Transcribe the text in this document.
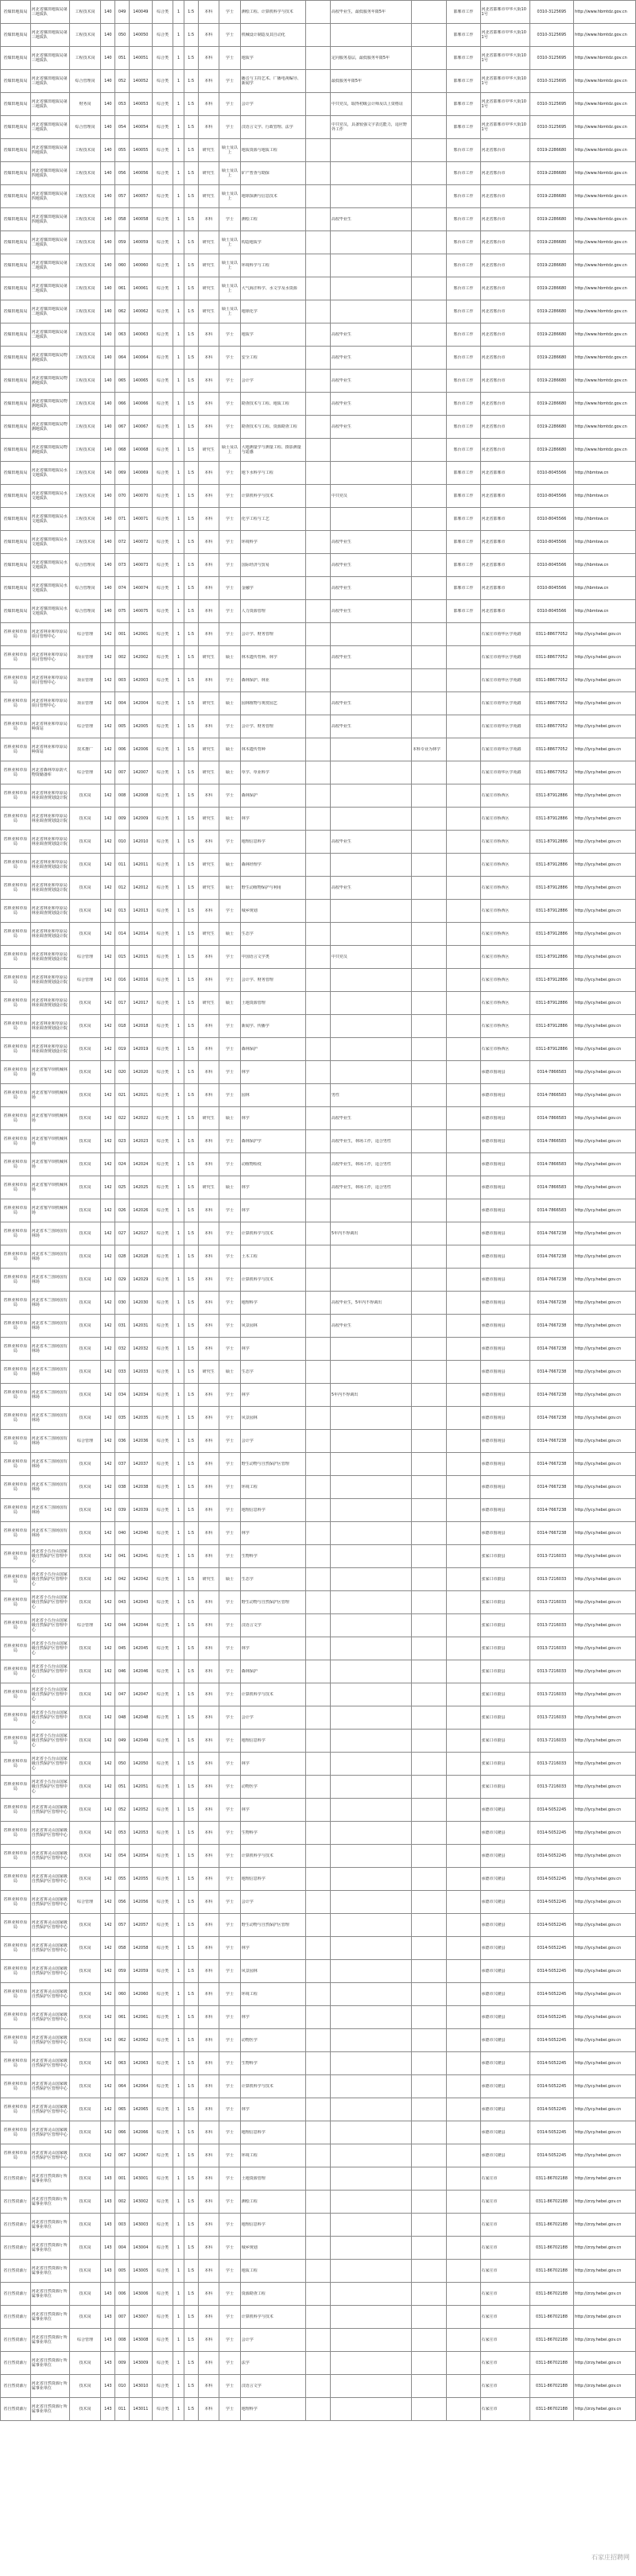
省煤田地质局	河北省煤田地质局第三地质队	工程技术岗	140	049	140049	综合类	1	1:5	本科	学士	测绘工程、计算机科学与技术		高校毕业生，最低服务年限5年		邯郸市工作	河北省邯郸市中华大街101号	0310-3125695	http://www.hbmtdz.gov.cn

省煤田地质局	河北省煤田地质局第三地质队	工程技术岗	140	050	140050	综合类	1	1:5	本科	学士	机械设计制造及其自动化				邯郸市工作	河北省邯郸市中华大街101号	0310-3125695	http://www.hbmtdz.gov.cn

省煤田地质局	河北省煤田地质局第三地质队	工程技术岗	140	051	140051	综合类	1	1:5	本科	学士	地质学		定向服务基层，最低服务年限5年		邯郸市工作	河北省邯郸市中华大街101号	0310-3125695	http://www.hbmtdz.gov.cn

省煤田地质局	河北省煤田地质局第三地质队	综合管理岗	140	052	140052	综合类	1	1:5	本科	学士	播音与主持艺术、广播电视编导、新闻学		最低服务年限5年		邯郸市工作	河北省邯郸市中华大街101号	0310-3125695	http://www.hbmtdz.gov.cn

省煤田地质局	河北省煤田地质局第三地质队	财务岗	140	053	140053	综合类	1	1:5	本科	学士	会计学		中共党员，取得初级会计师及以上资格证		邯郸市工作	河北省邯郸市中华大街101号	0310-3125695	http://www.hbmtdz.gov.cn

省煤田地质局	河北省煤田地质局第三地质队	综合管理岗	140	054	140054	综合类	1	1:5	本科	学士	汉语言文学、行政管理、法学		中共党员，具备较强文字表达能力，适应野外工作		邯郸市工作	河北省邯郸市中华大街101号	0310-3125695	http://www.hbmtdz.gov.cn

省煤田地质局	河北省煤田地质局第四地质队	工程技术岗	140	055	140055	综合类	1	1:5	研究生	硕士及以上	地质资源与地质工程				邢台市工作	河北省邢台市	0319-2286680	http://www.hbmtdz.gov.cn

省煤田地质局	河北省煤田地质局第四地质队	工程技术岗	140	056	140056	综合类	1	1:5	研究生	硕士及以上	矿产普查与勘探				邢台市工作	河北省邢台市	0319-2286680	http://www.hbmtdz.gov.cn

省煤田地质局	河北省煤田地质局第四地质队	工程技术岗	140	057	140057	综合类	1	1:5	研究生	硕士及以上	地球探测与信息技术				邢台市工作	河北省邢台市	0319-2286680	http://www.hbmtdz.gov.cn

省煤田地质局	河北省煤田地质局第四地质队	工程技术岗	140	058	140058	综合类	1	1:5	本科	学士	测绘工程		高校毕业生		邢台市工作	河北省邢台市	0319-2286680	http://www.hbmtdz.gov.cn

省煤田地质局	河北省煤田地质局第二地质队	工程技术岗	140	059	140059	综合类	1	1:5	研究生	硕士及以上	构造地质学				邢台市工作	河北省邢台市	0319-2286680	http://www.hbmtdz.gov.cn

省煤田地质局	河北省煤田地质局第二地质队	工程技术岗	140	060	140060	综合类	1	1:5	研究生	硕士及以上	环境科学与工程				邢台市工作	河北省邢台市	0319-2286680	http://www.hbmtdz.gov.cn

省煤田地质局	河北省煤田地质局第二地质队	工程技术岗	140	061	140061	综合类	1	1:5	研究生	硕士及以上	大气海洋科学、水文学及水资源				邢台市工作	河北省邢台市	0319-2286680	http://www.hbmtdz.gov.cn

省煤田地质局	河北省煤田地质局第二地质队	工程技术岗	140	062	140062	综合类	1	1:5	研究生	硕士及以上	地球化学				邢台市工作	河北省邢台市	0319-2286680	http://www.hbmtdz.gov.cn

省煤田地质局	河北省煤田地质局第二地质队	工程技术岗	140	063	140063	综合类	1	1:5	本科	学士	地质学		高校毕业生		邢台市工作	河北省邢台市	0319-2286680	http://www.hbmtdz.gov.cn

省煤田地质局	河北省煤田地质局物测地质队	工程技术岗	140	064	140064	综合类	1	1:5	本科	学士	安全工程		高校毕业生		邢台市工作	河北省邢台市	0319-2286680	http://www.hbmtdz.gov.cn

省煤田地质局	河北省煤田地质局物测地质队	工程技术岗	140	065	140065	综合类	1	1:5	本科	学士	会计学		高校毕业生		邢台市工作	河北省邢台市	0319-2286680	http://www.hbmtdz.gov.cn

省煤田地质局	河北省煤田地质局物测地质队	工程技术岗	140	066	140066	综合类	1	1:5	本科	学士	勘查技术与工程、地质工程		高校毕业生		邢台市工作	河北省邢台市	0319-2286680	http://www.hbmtdz.gov.cn

省煤田地质局	河北省煤田地质局物测地质队	工程技术岗	140	067	140067	综合类	1	1:5	本科	学士	勘查技术与工程、资源勘查工程		高校毕业生		邢台市工作	河北省邢台市	0319-2286680	http://www.hbmtdz.gov.cn

省煤田地质局	河北省煤田地质局物测地质队	工程技术岗	140	068	140068	综合类	1	1:5	研究生	硕士及以上	大地测量学与测量工程、摄影测量与遥感				邢台市工作	河北省邢台市	0319-2286680	http://www.hbmtdz.gov.cn

省煤田地质局	河北省煤田地质局水文地质队	工程技术岗	140	069	140069	综合类	1	1:5	本科	学士	地下水科学与工程				邯郸市工作	河北省邯郸市	0310-8045566	http://hbmtsw.cn

省煤田地质局	河北省煤田地质局水文地质队	工程技术岗	140	070	140070	综合类	1	1:5	本科	学士	计算机科学与技术		中共党员		邯郸市工作	河北省邯郸市	0310-8045566	http://hbmtsw.cn

省煤田地质局	河北省煤田地质局水文地质队	工程技术岗	140	071	140071	综合类	1	1:5	本科	学士	化学工程与工艺				邯郸市工作	河北省邯郸市	0310-8045566	http://hbmtsw.cn

省煤田地质局	河北省煤田地质局水文地质队	工程技术岗	140	072	140072	综合类	1	1:5	本科	学士	环境科学		高校毕业生		邯郸市工作	河北省邯郸市	0310-8045566	http://hbmtsw.cn

省煤田地质局	河北省煤田地质局水文地质队	综合管理岗	140	073	140073	综合类	1	1:5	本科	学士	国际经济与贸易		高校毕业生		邯郸市工作	河北省邯郸市	0310-8045566	http://hbmtsw.cn

省煤田地质局	河北省煤田地质局水文地质队	综合管理岗	140	074	140074	综合类	1	1:5	本科	学士	金融学		高校毕业生		邯郸市工作	河北省邯郸市	0310-8045566	http://hbmtsw.cn

省煤田地质局	河北省煤田地质局水文地质队	综合管理岗	140	075	140075	综合类	1	1:5	本科	学士	人力资源管理		高校毕业生		邯郸市工作	河北省邯郸市	0310-8045566	http://hbmtsw.cn

省林业和草原局	河北省林业和草原局项目管理中心	综合管理	142	001	142001	综合类	1	1:5	本科	学士	会计学、财务管理					石家庄市裕华区学苑路	0311-88677052	http://lycy.hebei.gov.cn

省林业和草原局	河北省林业和草原局项目管理中心	项目管理	142	002	142002	综合类	1	1:5	研究生	硕士	林木遗传育种、林学		高校毕业生			石家庄市裕华区学苑路	0311-88677052	http://lycy.hebei.gov.cn

省林业和草原局	河北省林业和草原局项目管理中心	项目管理	142	003	142003	综合类	1	1:5	本科	学士	森林保护、林业					石家庄市裕华区学苑路	0311-88677052	http://lycy.hebei.gov.cn

省林业和草原局	河北省林业和草原局项目管理中心	项目管理	142	004	142004	综合类	1	1:5	研究生	硕士	园林植物与观赏园艺		高校毕业生			石家庄市裕华区学苑路	0311-88677052	http://lycy.hebei.gov.cn

省林业和草原局	河北省林业和草原局种苗站	综合管理	142	005	142005	综合类	1	1:5	本科	学士	会计学、财务管理		高校毕业生			石家庄市裕华区学苑路	0311-88677052	http://lycy.hebei.gov.cn

省林业和草原局	河北省林业和草原局种苗站	技术推广	142	006	142006	综合类	1	1:5	研究生	硕士	林木遗传育种			本科专业为林学		石家庄市裕华区学苑路	0311-88677052	http://lycy.hebei.gov.cn

省林业和草原局	河北省森林草原防火物资储备库	综合管理	142	007	142007	综合类	1	1:5	研究生	硕士	草学、草业科学					石家庄市裕华区学苑路	0311-88677052	http://lycy.hebei.gov.cn

省林业和草原局	河北省林业和草原局林业调查规划设计院	技术岗	142	008	142008	综合类	1	1:5	本科	学士	森林保护					石家庄市桥西区	0311-87912886	http://lycy.hebei.gov.cn

省林业和草原局	河北省林业和草原局林业调查规划设计院	技术岗	142	009	142009	综合类	1	1:5	研究生	硕士	林学					石家庄市桥西区	0311-87912886	http://lycy.hebei.gov.cn

省林业和草原局	河北省林业和草原局林业调查规划设计院	技术岗	142	010	142010	综合类	1	1:5	本科	学士	地理信息科学		高校毕业生			石家庄市桥西区	0311-87912886	http://lycy.hebei.gov.cn

省林业和草原局	河北省林业和草原局林业调查规划设计院	技术岗	142	011	142011	综合类	1	1:5	研究生	硕士	森林经理学					石家庄市桥西区	0311-87912886	http://lycy.hebei.gov.cn

省林业和草原局	河北省林业和草原局林业调查规划设计院	技术岗	142	012	142012	综合类	1	1:5	研究生	硕士	野生动植物保护与利用		高校毕业生			石家庄市桥西区	0311-87912886	http://lycy.hebei.gov.cn

省林业和草原局	河北省林业和草原局林业调查规划设计院	技术岗	142	013	142013	综合类	1	1:5	本科	学士	城乡规划					石家庄市桥西区	0311-87912886	http://lycy.hebei.gov.cn

省林业和草原局	河北省林业和草原局林业调查规划设计院	技术岗	142	014	142014	综合类	1	1:5	研究生	硕士	生态学					石家庄市桥西区	0311-87912886	http://lycy.hebei.gov.cn

省林业和草原局	河北省林业和草原局林业调查规划设计院	综合管理	142	015	142015	综合类	1	1:5	本科	学士	中国语言文学类		中共党员			石家庄市桥西区	0311-87912886	http://lycy.hebei.gov.cn

省林业和草原局	河北省林业和草原局林业调查规划设计院	综合管理	142	016	142016	综合类	1	1:5	本科	学士	会计学、财务管理					石家庄市桥西区	0311-87912886	http://lycy.hebei.gov.cn

省林业和草原局	河北省林业和草原局林业调查规划设计院	技术岗	142	017	142017	综合类	1	1:5	研究生	硕士	土地资源管理					石家庄市桥西区	0311-87912886	http://lycy.hebei.gov.cn

省林业和草原局	河北省林业和草原局林业调查规划设计院	技术岗	142	018	142018	综合类	1	1:5	本科	学士	新闻学、传播学					石家庄市桥西区	0311-87912886	http://lycy.hebei.gov.cn

省林业和草原局	河北省林业和草原局林业调查规划设计院	技术岗	142	019	142019	综合类	1	1:5	本科	学士	森林保护					石家庄市桥西区	0311-87912886	http://lycy.hebei.gov.cn

省林业和草原局	河北省塞罕坝机械林场	技术岗	142	020	142020	综合类	1	1:5	本科	学士	林学					承德市围场县	0314-7866583	http://lycy.hebei.gov.cn

省林业和草原局	河北省塞罕坝机械林场	技术岗	142	021	142021	综合类	1	1:5	本科	学士	园林		男性			承德市围场县	0314-7866583	http://lycy.hebei.gov.cn

省林业和草原局	河北省塞罕坝机械林场	技术岗	142	022	142022	综合类	1	1:5	研究生	硕士	林学		高校毕业生			承德市围场县	0314-7866583	http://lycy.hebei.gov.cn

省林业和草原局	河北省塞罕坝机械林场	技术岗	142	023	142023	综合类	1	1:5	本科	学士	森林保护学		高校毕业生，林场工作，适合男性			承德市围场县	0314-7866583	http://lycy.hebei.gov.cn

省林业和草原局	河北省塞罕坝机械林场	技术岗	142	024	142024	综合类	1	1:5	本科	学士	动植物检疫		高校毕业生，林场工作，适合男性			承德市围场县	0314-7866583	http://lycy.hebei.gov.cn

省林业和草原局	河北省塞罕坝机械林场	技术岗	142	025	142025	综合类	1	1:5	研究生	硕士	林学		高校毕业生，林场工作，适合男性			承德市围场县	0314-7866583	http://lycy.hebei.gov.cn

省林业和草原局	河北省塞罕坝机械林场	技术岗	142	026	142026	综合类	1	1:5	本科	学士	林学					承德市围场县	0314-7866583	http://lycy.hebei.gov.cn

省林业和草原局	河北省木兰围场国有林场	技术岗	142	027	142027	综合类	1	1:5	本科	学士	计算机科学与技术		5年内不得调出			承德市围场县	0314-7667238	http://lycy.hebei.gov.cn

省林业和草原局	河北省木兰围场国有林场	技术岗	142	028	142028	综合类	1	1:5	本科	学士	土木工程					承德市围场县	0314-7667238	http://lycy.hebei.gov.cn

省林业和草原局	河北省木兰围场国有林场	技术岗	142	029	142029	综合类	1	1:5	本科	学士	计算机科学与技术					承德市围场县	0314-7667238	http://lycy.hebei.gov.cn

省林业和草原局	河北省木兰围场国有林场	技术岗	142	030	142030	综合类	1	1:5	本科	学士	地理科学		高校毕业生，5年内不得调出			承德市围场县	0314-7667238	http://lycy.hebei.gov.cn

省林业和草原局	河北省木兰围场国有林场	技术岗	142	031	142031	综合类	1	1:5	本科	学士	风景园林		高校毕业生			承德市围场县	0314-7667238	http://lycy.hebei.gov.cn

省林业和草原局	河北省木兰围场国有林场	技术岗	142	032	142032	综合类	1	1:5	本科	学士	林学					承德市围场县	0314-7667238	http://lycy.hebei.gov.cn

省林业和草原局	河北省木兰围场国有林场	技术岗	142	033	142033	综合类	1	1:5	研究生	硕士	生态学					承德市围场县	0314-7667238	http://lycy.hebei.gov.cn

省林业和草原局	河北省木兰围场国有林场	技术岗	142	034	142034	综合类	1	1:5	本科	学士	林学		5年内不得调出			承德市围场县	0314-7667238	http://lycy.hebei.gov.cn

省林业和草原局	河北省木兰围场国有林场	技术岗	142	035	142035	综合类	1	1:5	本科	学士	风景园林					承德市围场县	0314-7667238	http://lycy.hebei.gov.cn

省林业和草原局	河北省木兰围场国有林场	综合管理	142	036	142036	综合类	1	1:5	本科	学士	会计学					承德市围场县	0314-7667238	http://lycy.hebei.gov.cn

省林业和草原局	河北省木兰围场国有林场	技术岗	142	037	142037	综合类	1	1:5	本科	学士	野生动物与自然保护区管理					承德市围场县	0314-7667238	http://lycy.hebei.gov.cn

省林业和草原局	河北省木兰围场国有林场	技术岗	142	038	142038	综合类	1	1:5	本科	学士	环境工程					承德市围场县	0314-7667238	http://lycy.hebei.gov.cn

省林业和草原局	河北省木兰围场国有林场	技术岗	142	039	142039	综合类	1	1:5	本科	学士	地理信息科学					承德市围场县	0314-7667238	http://lycy.hebei.gov.cn

省林业和草原局	河北省木兰围场国有林场	技术岗	142	040	142040	综合类	1	1:5	本科	学士	林学					承德市围场县	0314-7667238	http://lycy.hebei.gov.cn

省林业和草原局	河北省小五台山国家级自然保护区管理中心	技术岗	142	041	142041	综合类	1	1:5	本科	学士	生物科学					张家口市蔚县	0313-7216033	http://lycy.hebei.gov.cn

省林业和草原局	河北省小五台山国家级自然保护区管理中心	技术岗	142	042	142042	综合类	1	1:5	研究生	硕士	生态学					张家口市蔚县	0313-7216033	http://lycy.hebei.gov.cn

省林业和草原局	河北省小五台山国家级自然保护区管理中心	技术岗	142	043	142043	综合类	1	1:5	本科	学士	野生动物与自然保护区管理					张家口市蔚县	0313-7216033	http://lycy.hebei.gov.cn

省林业和草原局	河北省小五台山国家级自然保护区管理中心	综合管理	142	044	142044	综合类	1	1:5	本科	学士	汉语言文学					张家口市蔚县	0313-7216033	http://lycy.hebei.gov.cn

省林业和草原局	河北省小五台山国家级自然保护区管理中心	技术岗	142	045	142045	综合类	1	1:5	本科	学士	林学					张家口市蔚县	0313-7216033	http://lycy.hebei.gov.cn

省林业和草原局	河北省小五台山国家级自然保护区管理中心	技术岗	142	046	142046	综合类	1	1:5	本科	学士	森林保护					张家口市蔚县	0313-7216033	http://lycy.hebei.gov.cn

省林业和草原局	河北省小五台山国家级自然保护区管理中心	技术岗	142	047	142047	综合类	1	1:5	本科	学士	计算机科学与技术					张家口市蔚县	0313-7216033	http://lycy.hebei.gov.cn

省林业和草原局	河北省小五台山国家级自然保护区管理中心	技术岗	142	048	142048	综合类	1	1:5	本科	学士	会计学					张家口市蔚县	0313-7216033	http://lycy.hebei.gov.cn

省林业和草原局	河北省小五台山国家级自然保护区管理中心	技术岗	142	049	142049	综合类	1	1:5	本科	学士	地理信息科学					张家口市蔚县	0313-7216033	http://lycy.hebei.gov.cn

省林业和草原局	河北省小五台山国家级自然保护区管理中心	技术岗	142	050	142050	综合类	1	1:5	本科	学士	林学					张家口市蔚县	0313-7216033	http://lycy.hebei.gov.cn

省林业和草原局	河北省小五台山国家级自然保护区管理中心	技术岗	142	051	142051	综合类	1	1:5	本科	学士	动物医学					张家口市蔚县	0313-7216033	http://lycy.hebei.gov.cn

省林业和草原局	河北省雾灵山国家级自然保护区管理中心	技术岗	142	052	142052	综合类	1	1:5	本科	学士	林学					承德市兴隆县	0314-5052245	http://lycy.hebei.gov.cn

省林业和草原局	河北省雾灵山国家级自然保护区管理中心	技术岗	142	053	142053	综合类	1	1:5	本科	学士	生物科学					承德市兴隆县	0314-5052245	http://lycy.hebei.gov.cn

省林业和草原局	河北省雾灵山国家级自然保护区管理中心	技术岗	142	054	142054	综合类	1	1:5	本科	学士	计算机科学与技术					承德市兴隆县	0314-5052245	http://lycy.hebei.gov.cn

省林业和草原局	河北省雾灵山国家级自然保护区管理中心	技术岗	142	055	142055	综合类	1	1:5	本科	学士	地理信息科学					承德市兴隆县	0314-5052245	http://lycy.hebei.gov.cn

省林业和草原局	河北省雾灵山国家级自然保护区管理中心	综合管理	142	056	142056	综合类	1	1:5	本科	学士	会计学					承德市兴隆县	0314-5052245	http://lycy.hebei.gov.cn

省林业和草原局	河北省雾灵山国家级自然保护区管理中心	技术岗	142	057	142057	综合类	1	1:5	本科	学士	野生动物与自然保护区管理					承德市兴隆县	0314-5052245	http://lycy.hebei.gov.cn

省林业和草原局	河北省雾灵山国家级自然保护区管理中心	技术岗	142	058	142058	综合类	1	1:5	本科	学士	林学					承德市兴隆县	0314-5052245	http://lycy.hebei.gov.cn

省林业和草原局	河北省雾灵山国家级自然保护区管理中心	技术岗	142	059	142059	综合类	1	1:5	本科	学士	风景园林					承德市兴隆县	0314-5052245	http://lycy.hebei.gov.cn

省林业和草原局	河北省雾灵山国家级自然保护区管理中心	技术岗	142	060	142060	综合类	1	1:5	本科	学士	环境工程					承德市兴隆县	0314-5052245	http://lycy.hebei.gov.cn

省林业和草原局	河北省雾灵山国家级自然保护区管理中心	技术岗	142	061	142061	综合类	1	1:5	本科	学士	林学					承德市兴隆县	0314-5052245	http://lycy.hebei.gov.cn

省林业和草原局	河北省雾灵山国家级自然保护区管理中心	技术岗	142	062	142062	综合类	1	1:5	本科	学士	动物医学					承德市兴隆县	0314-5052245	http://lycy.hebei.gov.cn

省林业和草原局	河北省雾灵山国家级自然保护区管理中心	技术岗	142	063	142063	综合类	1	1:5	本科	学士	生物科学					承德市兴隆县	0314-5052245	http://lycy.hebei.gov.cn

省林业和草原局	河北省雾灵山国家级自然保护区管理中心	技术岗	142	064	142064	综合类	1	1:5	本科	学士	计算机科学与技术					承德市兴隆县	0314-5052245	http://lycy.hebei.gov.cn

省林业和草原局	河北省雾灵山国家级自然保护区管理中心	技术岗	142	065	142065	综合类	1	1:5	本科	学士	林学					承德市兴隆县	0314-5052245	http://lycy.hebei.gov.cn

省林业和草原局	河北省雾灵山国家级自然保护区管理中心	技术岗	142	066	142066	综合类	1	1:5	本科	学士	地理信息科学					承德市兴隆县	0314-5052245	http://lycy.hebei.gov.cn

省林业和草原局	河北省雾灵山国家级自然保护区管理中心	技术岗	142	067	142067	综合类	1	1:5	本科	学士	环境工程					承德市兴隆县	0314-5052245	http://lycy.hebei.gov.cn

省自然资源厅	河北省自然资源厅所属事业单位	技术岗	143	001	143001	综合类	1	1:5	本科	学士	土地资源管理					石家庄市	0311-86702188	http://zrzy.hebei.gov.cn

省自然资源厅	河北省自然资源厅所属事业单位	技术岗	143	002	143002	综合类	1	1:5	本科	学士	测绘工程					石家庄市	0311-86702188	http://zrzy.hebei.gov.cn

省自然资源厅	河北省自然资源厅所属事业单位	技术岗	143	003	143003	综合类	1	1:5	本科	学士	地理信息科学					石家庄市	0311-86702188	http://zrzy.hebei.gov.cn

省自然资源厅	河北省自然资源厅所属事业单位	技术岗	143	004	143004	综合类	1	1:5	本科	学士	城乡规划					石家庄市	0311-86702188	http://zrzy.hebei.gov.cn

省自然资源厅	河北省自然资源厅所属事业单位	技术岗	143	005	143005	综合类	1	1:5	本科	学士	地质工程					石家庄市	0311-86702188	http://zrzy.hebei.gov.cn

省自然资源厅	河北省自然资源厅所属事业单位	技术岗	143	006	143006	综合类	1	1:5	本科	学士	资源勘查工程					石家庄市	0311-86702188	http://zrzy.hebei.gov.cn

省自然资源厅	河北省自然资源厅所属事业单位	技术岗	143	007	143007	综合类	1	1:5	本科	学士	计算机科学与技术					石家庄市	0311-86702188	http://zrzy.hebei.gov.cn

省自然资源厅	河北省自然资源厅所属事业单位	综合管理	143	008	143008	综合类	1	1:5	本科	学士	会计学					石家庄市	0311-86702188	http://zrzy.hebei.gov.cn

省自然资源厅	河北省自然资源厅所属事业单位	技术岗	143	009	143009	综合类	1	1:5	本科	学士	法学					石家庄市	0311-86702188	http://zrzy.hebei.gov.cn

省自然资源厅	河北省自然资源厅所属事业单位	技术岗	143	010	143010	综合类	1	1:5	本科	学士	汉语言文学					石家庄市	0311-86702188	http://zrzy.hebei.gov.cn

省自然资源厅	河北省自然资源厅所属事业单位	技术岗	143	011	143011	综合类	1	1:5	本科	学士	地理科学					石家庄市	0311-86702188	http://zrzy.hebei.gov.cn
石家庄招聘网
